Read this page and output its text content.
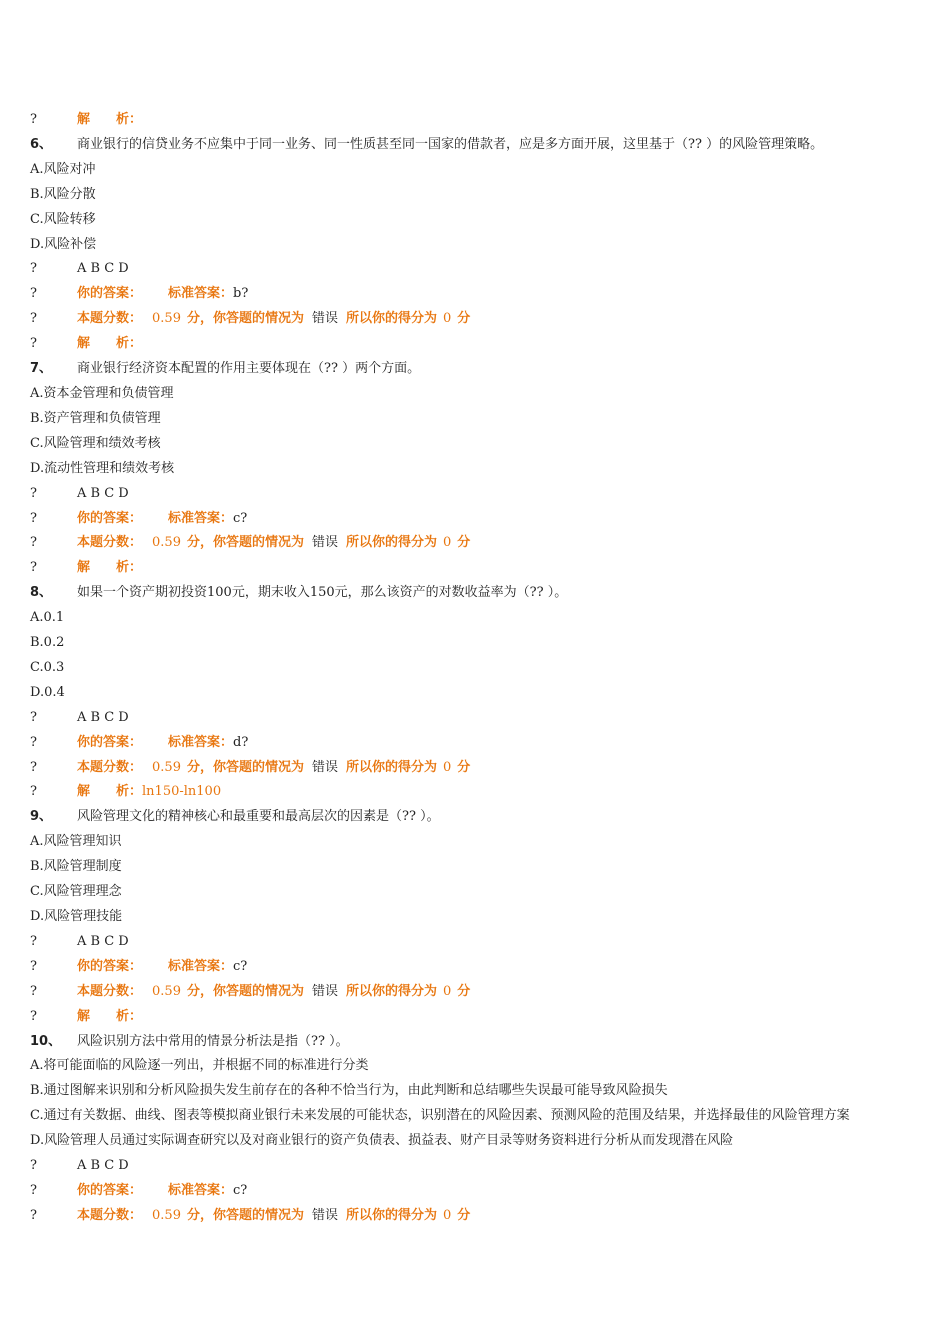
?	解　　析：
6、 商业银行的信贷业务不应集中于同一业务、同一性质甚至同一国家的借款者，应是多方面开展，这里基于（?? ）的风险管理策略。
A.风险对冲
B.风险分散
C.风险转移
D.风险补偿
?	A B C D
?	你的答案： 标准答案：b?
?	本题分数： 0.59 分，你答题的情况为 错误 所以你的得分为 0 分
?	解　　析：
7、 商业银行经济资本配置的作用主要体现在（?? ）两个方面。
A.资本金管理和负债管理
B.资产管理和负债管理
C.风险管理和绩效考核
D.流动性管理和绩效考核
?	A B C D
?	你的答案： 标准答案：c?
?	本题分数： 0.59 分，你答题的情况为 错误 所以你的得分为 0 分
?	解　　析：
8、 如果一个资产期初投资100元，期末收入150元，那么该资产的对数收益率为（?? ）。
A.0.1
B.0.2
C.0.3
D.0.4
?	A B C D
?	你的答案： 标准答案：d?
?	本题分数： 0.59 分，你答题的情况为 错误 所以你的得分为 0 分
?	解　　析：ln150-ln100
9、 风险管理文化的精神核心和最重要和最高层次的因素是（?? ）。
A.风险管理知识
B.风险管理制度
C.风险管理理念
D.风险管理技能
?	A B C D
?	你的答案： 标准答案：c?
?	本题分数： 0.59 分，你答题的情况为 错误 所以你的得分为 0 分
?	解　　析：
10、 风险识别方法中常用的情景分析法是指（?? ）。
A.将可能面临的风险逐一列出，并根据不同的标准进行分类
B.通过图解来识别和分析风险损失发生前存在的各种不恰当行为，由此判断和总结哪些失误最可能导致风险损失
C.通过有关数据、曲线、图表等模拟商业银行未来发展的可能状态，识别潜在的风险因素、预测风险的范围及结果，并选择最佳的风险管理方案
D.风险管理人员通过实际调查研究以及对商业银行的资产负债表、损益表、财产目录等财务资料进行分析从而发现潜在风险
?	A B C D
?	你的答案： 标准答案：c?
?	本题分数： 0.59 分，你答题的情况为 错误 所以你的得分为 0 分
